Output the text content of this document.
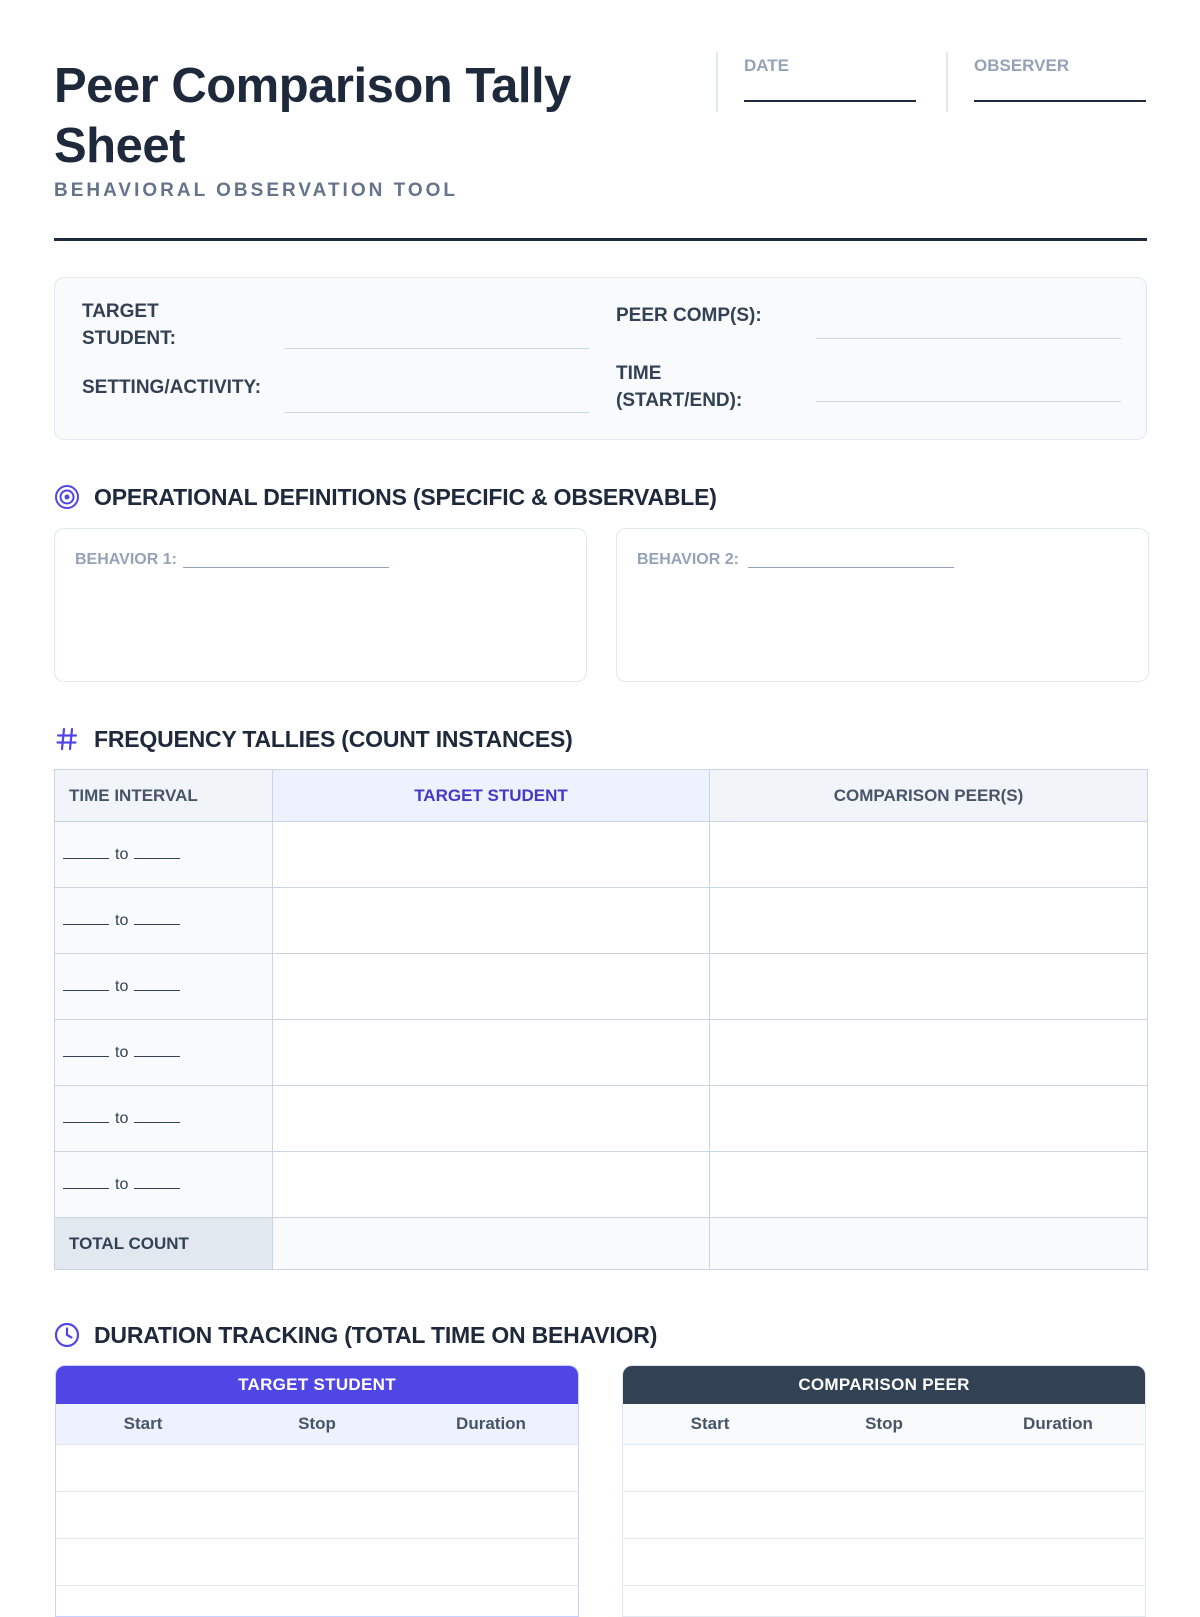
Peer Comparison Tally Sheet
BEHAVIORAL OBSERVATION TOOL
DATE	OBSERVER
TARGET STUDENT:
SETTING/ACTIVITY:
PEER COMP(S):
TIME (START/END):
OPERATIONAL DEFINITIONS (SPECIFIC & OBSERVABLE)
BEHAVIOR 1:	BEHAVIOR 2:
FREQUENCY TALLIES (COUNT INSTANCES)
TIME INTERVAL	TARGET STUDENT	COMPARISON PEER(S)
to		
to		
to		
to		
to		
to		
TOTAL COUNT		
DURATION TRACKING (TOTAL TIME ON BEHAVIOR)
TARGET STUDENT
Start	Stop	Duration
COMPARISON PEER
Start	Stop	Duration
